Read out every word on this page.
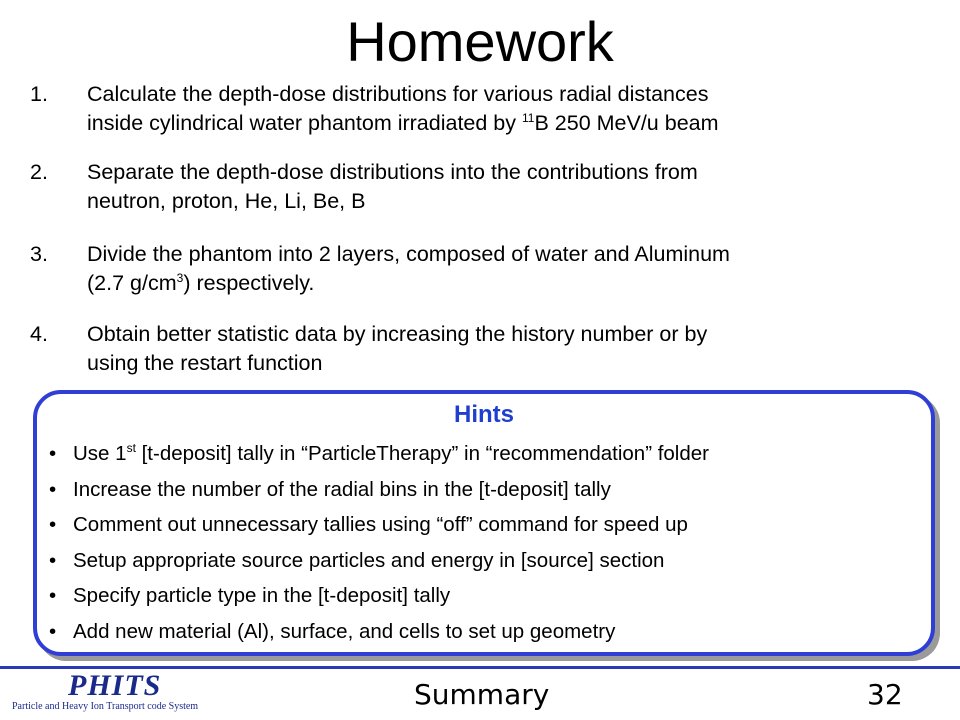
Homework
1. Calculate the depth-dose distributions for various radial distances
inside cylindrical water phantom irradiated by $^{11}$B 250 MeV/u beam
2. Separate the depth-dose distributions into the contributions from
neutron, proton, He, Li, Be, B
3. Divide the phantom into 2 layers, composed of water and Aluminum
(2.7 $g/cm^3$) respectively.
4. Obtain better statistic data by increasing the history number or by
using the restart function
Hints
• Use 1st [t-deposit] tally in “ParticleTherapy” in “recommendation” folder
• Increase the number of the radial bins in the [t-deposit] tally
• Comment out unnecessary tallies using “off” command for speed up
• Setup appropriate source particles and energy in [source] section
• Specify particle type in the [t-deposit] tally
• Add new material (Al), surface, and cells to set up geometry
PHITS
Particle and Heavy Ion Transport code System	Summary	32
